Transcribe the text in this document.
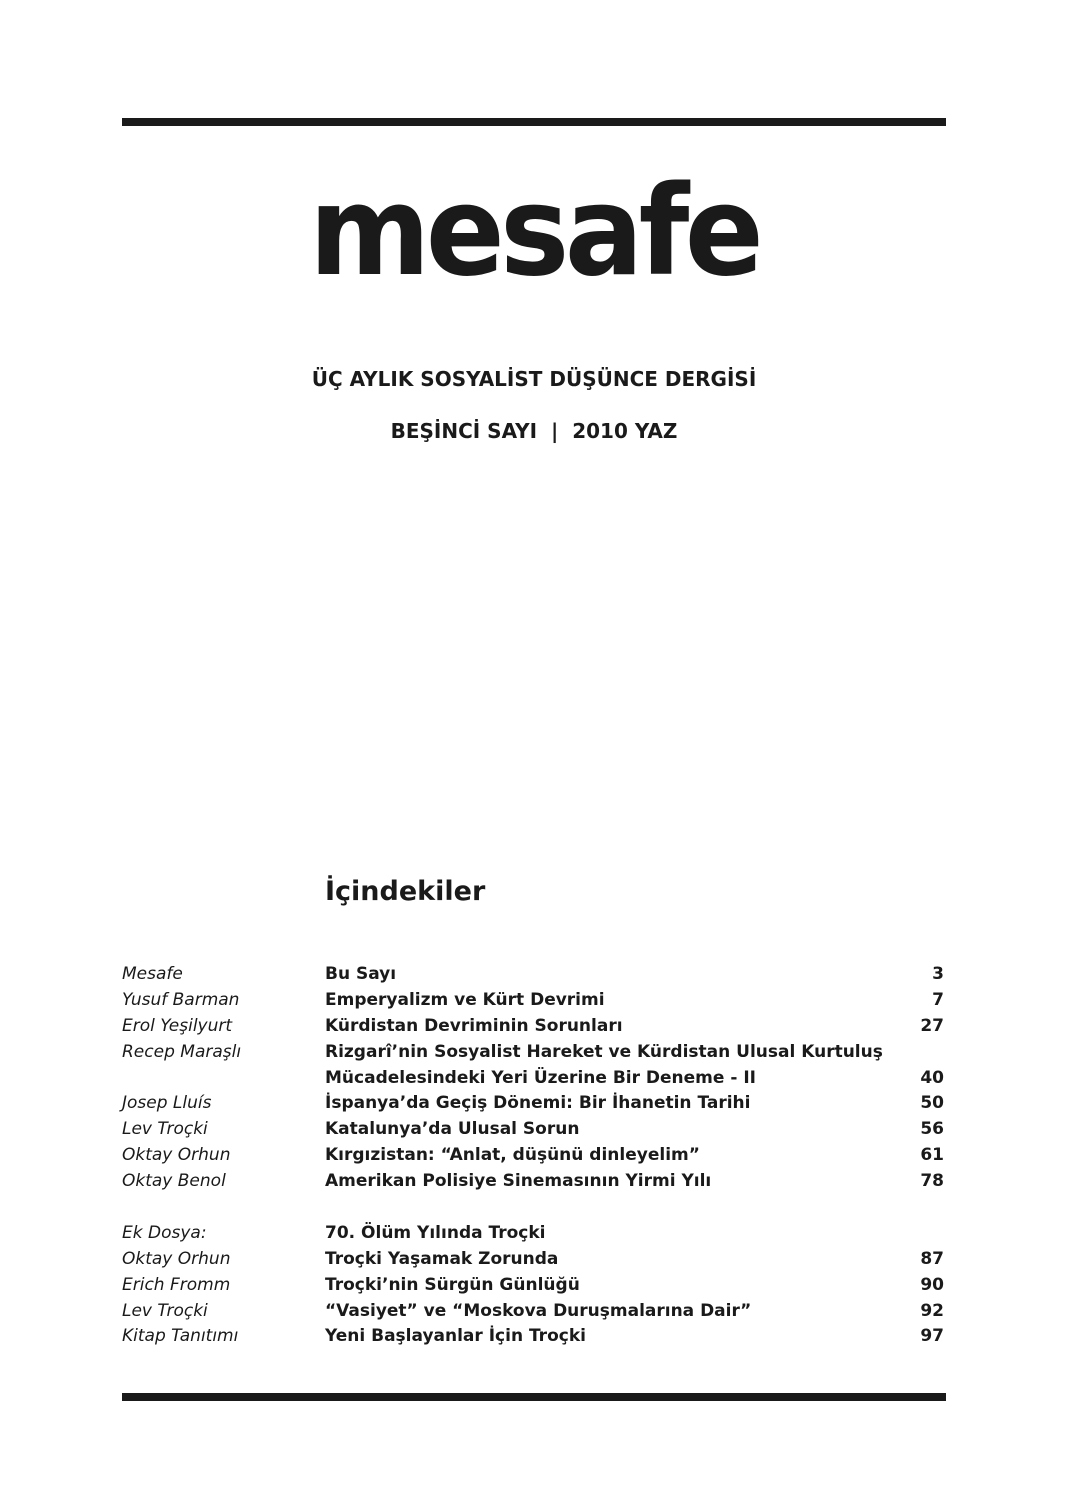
mesafe
ÜÇ AYLIK SOSYALİST DÜŞÜNCE DERGİSİ
BEŞİNCİ SAYI  |  2010 YAZ
İçindekiler
Mesafe	Bu Sayı	3
Yusuf Barman	Emperyalizm ve Kürt Devrimi	7
Erol Yeşilyurt	Kürdistan Devriminin Sorunları	27
Recep Maraşlı	Rizgarî’nin Sosyalist Hareket ve Kürdistan Ulusal Kurtuluş
Mücadelesindeki Yeri Üzerine Bir Deneme - II	40
Josep Lluís	İspanya’da Geçiş Dönemi: Bir İhanetin Tarihi	50
Lev Troçki	Katalunya’da Ulusal Sorun	56
Oktay Orhun	Kırgızistan: “Anlat, düşünü dinleyelim”	61
Oktay Benol	Amerikan Polisiye Sinemasının Yirmi Yılı	78
Ek Dosya:	70. Ölüm Yılında Troçki
Oktay Orhun	Troçki Yaşamak Zorunda	87
Erich Fromm	Troçki’nin Sürgün Günlüğü	90
Lev Troçki	“Vasiyet” ve “Moskova Duruşmalarına Dair”	92
Kitap Tanıtımı	Yeni Başlayanlar İçin Troçki	97
